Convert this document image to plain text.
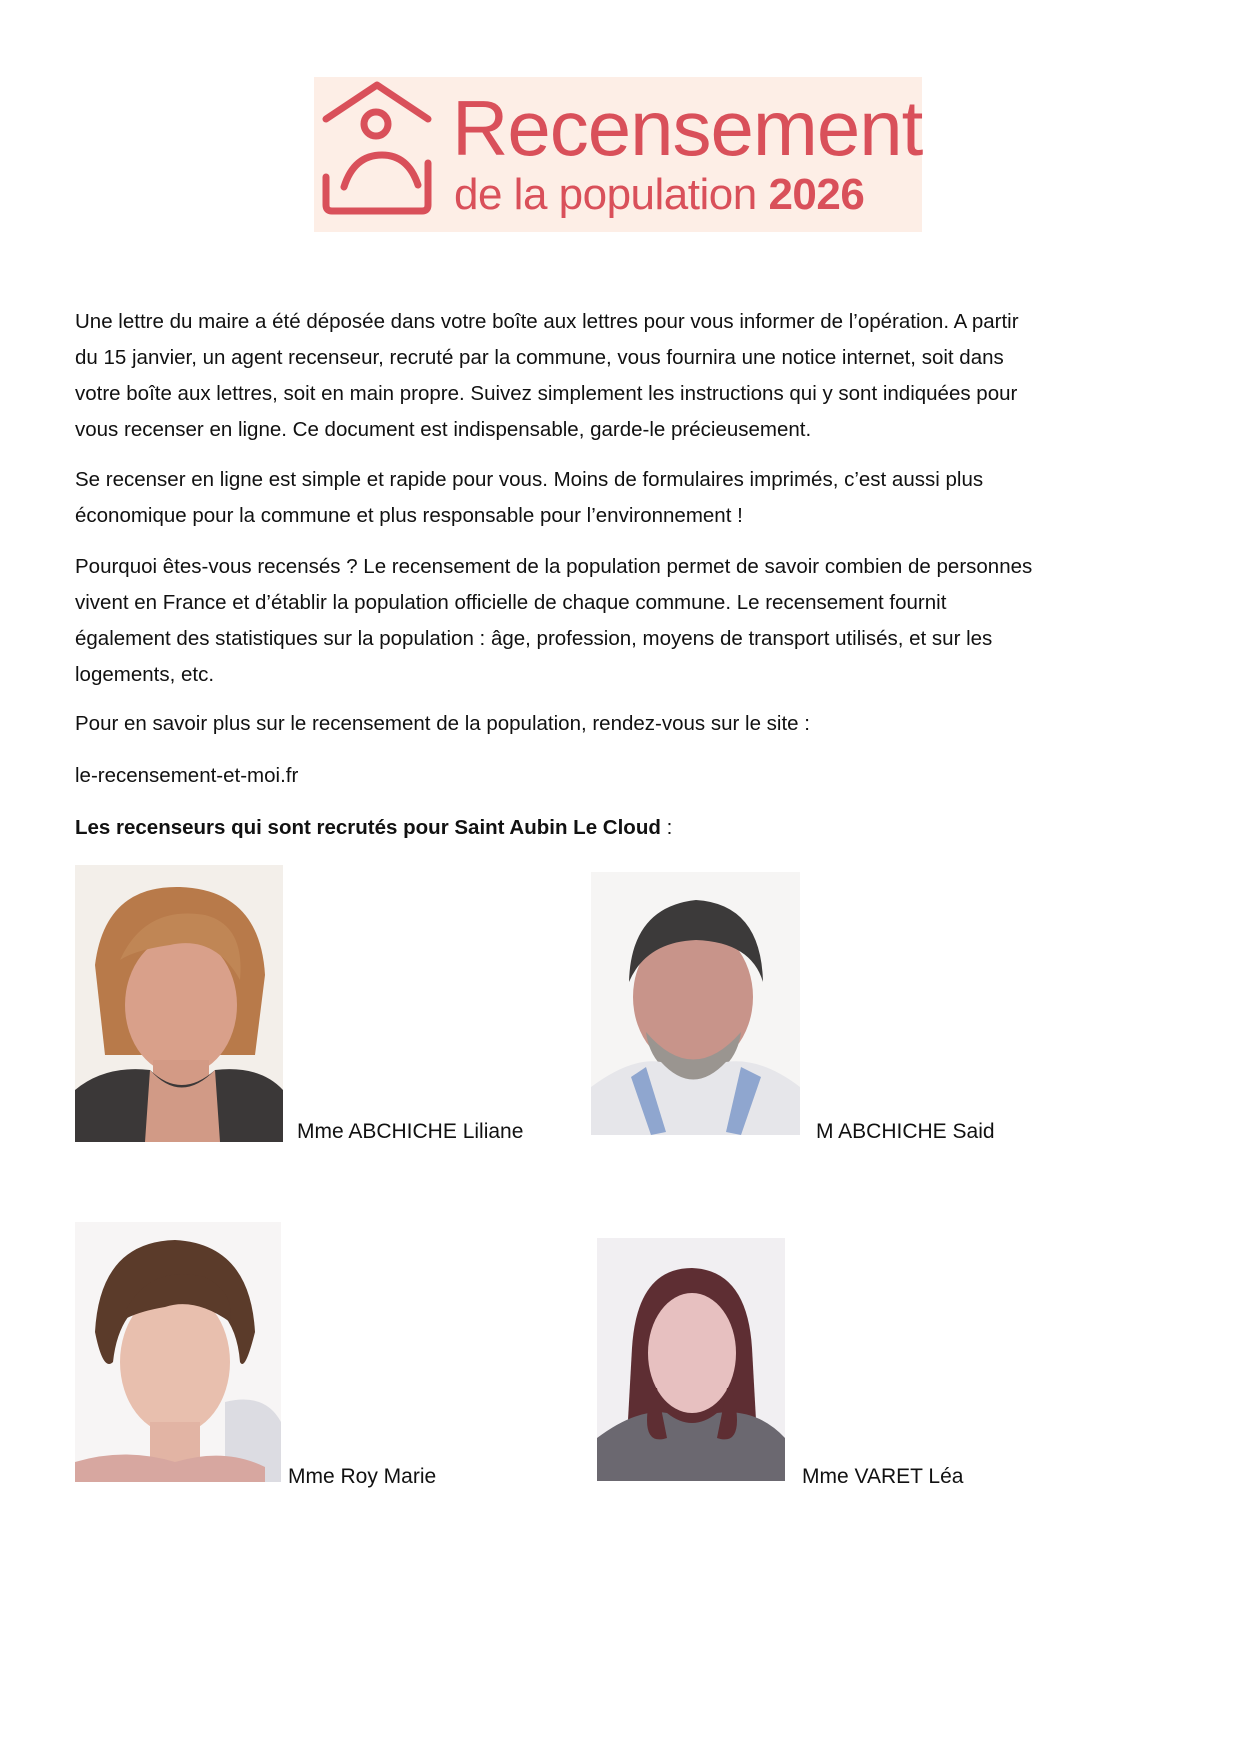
Recensement
de la population 2026
Une lettre du maire a été déposée dans votre boîte aux lettres pour vous informer de l’opération. A partir
du 15 janvier, un agent recenseur, recruté par la commune, vous fournira une notice internet, soit dans
votre boîte aux lettres, soit en main propre. Suivez simplement les instructions qui y sont indiquées pour
vous recenser en ligne. Ce document est indispensable, garde-le précieusement.
Se recenser en ligne est simple et rapide pour vous. Moins de formulaires imprimés, c’est aussi plus
économique pour la commune et plus responsable pour l’environnement !
Pourquoi êtes-vous recensés ? Le recensement de la population permet de savoir combien de personnes
vivent en France et d’établir la population officielle de chaque commune. Le recensement fournit
également des statistiques sur la population : âge, profession, moyens de transport utilisés, et sur les
logements, etc.
Pour en savoir plus sur le recensement de la population, rendez-vous sur le site :
le-recensement-et-moi.fr
Les recenseurs qui sont recrutés pour Saint Aubin Le Cloud :
Mme ABCHICHE Liliane	M ABCHICHE Said
Mme Roy Marie	Mme VARET Léa
